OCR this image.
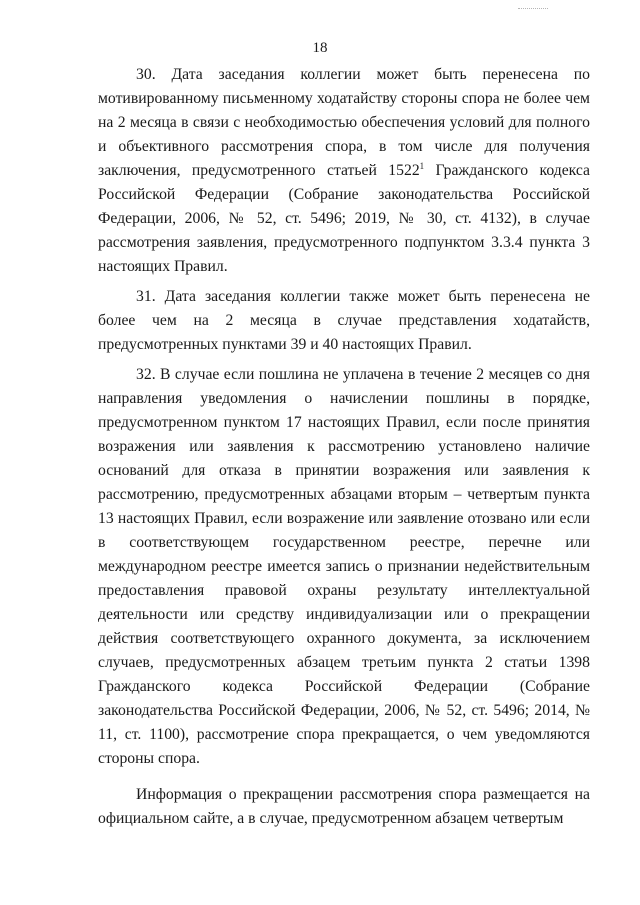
18

30. Дата заседания коллегии может быть перенесена по мотивированному письменному ходатайству стороны спора не более чем на 2 месяца в связи с необходимостью обеспечения условий для полного и объективного рассмотрения спора, в том числе для получения заключения, предусмотренного статьей 1522$^1$ Гражданского кодекса Российской Федерации (Собрание законодательства Российской Федерации, 2006, № 52, ст. 5496; 2019, № 30, ст. 4132), в случае рассмотрения заявления, предусмотренного подпунктом 3.3.4 пункта 3 настоящих Правил.

31. Дата заседания коллегии также может быть перенесена не более чем на 2 месяца в случае представления ходатайств, предусмотренных пунктами 39 и 40 настоящих Правил.

32. В случае если пошлина не уплачена в течение 2 месяцев со дня направления уведомления о начислении пошлины в порядке, предусмотренном пунктом 17 настоящих Правил, если после принятия возражения или заявления к рассмотрению установлено наличие оснований для отказа в принятии возражения или заявления к рассмотрению, предусмотренных абзацами вторым – четвертым пункта 13 настоящих Правил, если возражение или заявление отозвано или если в соответствующем государственном реестре, перечне или международном реестре имеется запись о признании недействительным предоставления правовой охраны результату интеллектуальной деятельности или средству индивидуализации или о прекращении действия соответствующего охранного документа, за исключением случаев, предусмотренных абзацем третьим пункта 2 статьи 1398 Гражданского кодекса Российской Федерации (Собрание законодательства Российской Федерации, 2006, № 52, ст. 5496; 2014, № 11, ст. 1100), рассмотрение спора прекращается, о чем уведомляются стороны спора.

Информация о прекращении рассмотрения спора размещается на официальном сайте, а в случае, предусмотренном абзацем четвертым
